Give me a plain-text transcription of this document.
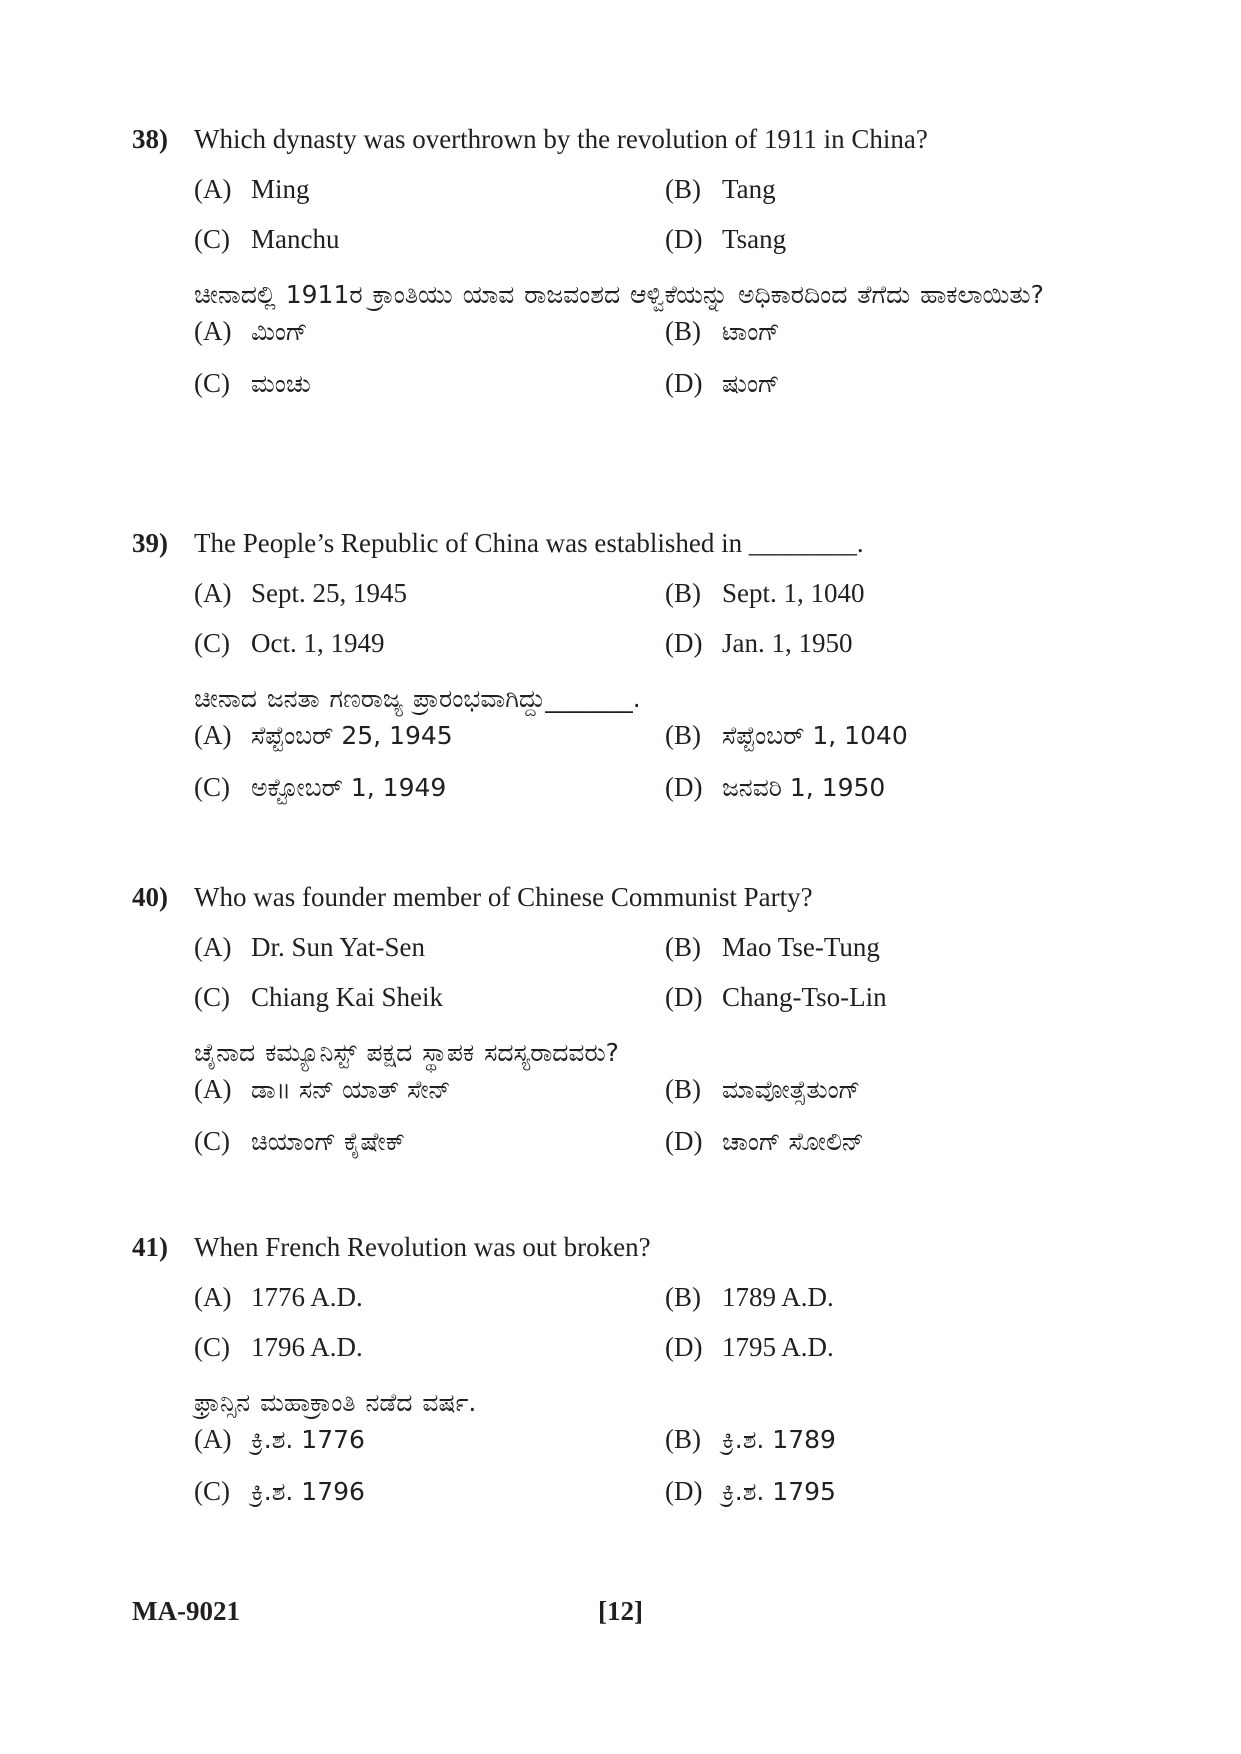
38) Which dynasty was overthrown by the revolution of 1911 in China?
(A) Ming	(B) Tang
(C) Manchu	(D) Tsang
ಚೀನಾದಲ್ಲಿ 1911ರ ಕ್ರಾಂತಿಯು ಯಾವ ರಾಜವಂಶದ ಆಳ್ವಿಕೆಯನ್ನು ಅಧಿಕಾರದಿಂದ ತೆಗೆದು ಹಾಕಲಾಯಿತು?
(A) ಮಿಂಗ್	(B) ಟಾಂಗ್
(C) ಮಂಚು	(D) ಷುಂಗ್
39) The People’s Republic of China was established in ________.
(A) Sept. 25, 1945	(B) Sept. 1, 1040
(C) Oct. 1, 1949	(D) Jan. 1, 1950
ಚೀನಾದ ಜನತಾ ಗಣರಾಜ್ಯ ಪ್ರಾರಂಭವಾಗಿದ್ದು_______.
(A) ಸೆಪ್ಟೆಂಬರ್ 25, 1945	(B) ಸೆಪ್ಟೆಂಬರ್ 1, 1040
(C) ಅಕ್ಟೋಬರ್ 1, 1949	(D) ಜನವರಿ 1, 1950
40) Who was founder member of Chinese Communist Party?
(A) Dr. Sun Yat-Sen	(B) Mao Tse-Tung
(C) Chiang Kai Sheik	(D) Chang-Tso-Lin
ಚೈನಾದ ಕಮ್ಯೂನಿಸ್ಟ್ ಪಕ್ಷದ ಸ್ಥಾಪಕ ಸದಸ್ಯರಾದವರು?
(A) ಡಾ॥ ಸನ್ ಯಾತ್ ಸೇನ್	(B) ಮಾವೋತ್ಸೆತುಂಗ್
(C) ಚಿಯಾಂಗ್ ಕೈಷೇಕ್	(D) ಚಾಂಗ್ ಸೋಲಿನ್
41) When French Revolution was out broken?
(A) 1776 A.D.	(B) 1789 A.D.
(C) 1796 A.D.	(D) 1795 A.D.
ಫ್ರಾನ್ಸಿನ ಮಹಾಕ್ರಾಂತಿ ನಡೆದ ವರ್ಷ.
(A) ಕ್ರಿ.ಶ. 1776	(B) ಕ್ರಿ.ಶ. 1789
(C) ಕ್ರಿ.ಶ. 1796	(D) ಕ್ರಿ.ಶ. 1795
MA-9021	[12]
